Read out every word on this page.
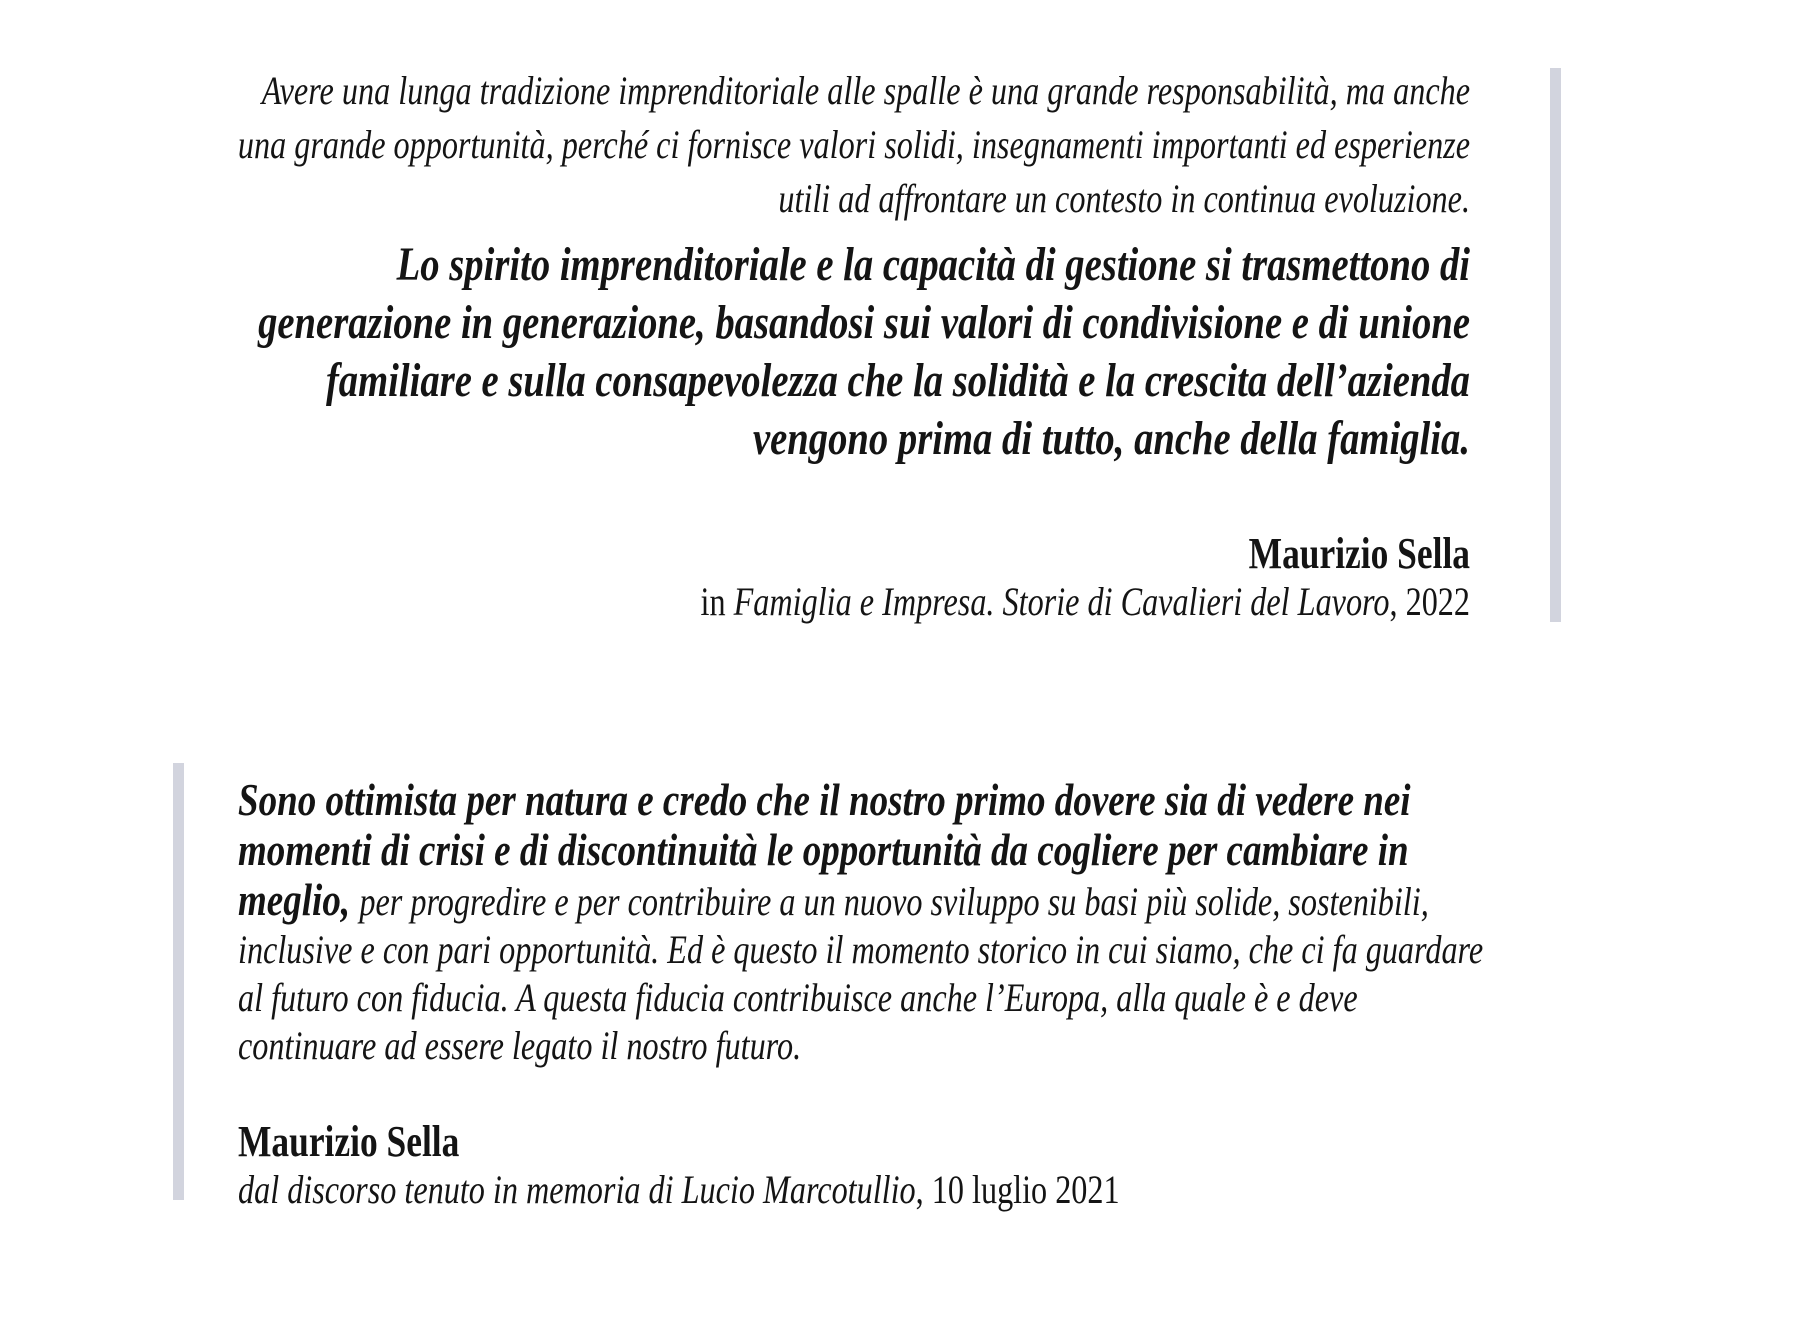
Avere una lunga tradizione imprenditoriale alle spalle è una grande responsabilità, ma anche una grande opportunità, perché ci fornisce valori solidi, insegnamenti importanti ed esperienze utili ad affrontare un contesto in continua evoluzione.

Lo spirito imprenditoriale e la capacità di gestione si trasmettono di generazione in generazione, basandosi sui valori di condivisione e di unione familiare e sulla consapevolezza che la solidità e la crescita dell’azienda vengono prima di tutto, anche della famiglia.

Maurizio Sella

in Famiglia e Impresa. Storie di Cavalieri del Lavoro, 2022

Sono ottimista per natura e credo che il nostro primo dovere sia di vedere nei momenti di crisi e di discontinuità le opportunità da cogliere per cambiare in meglio, per progredire e per contribuire a un nuovo sviluppo su basi più solide, sostenibili, inclusive e con pari opportunità. Ed è questo il momento storico in cui siamo, che ci fa guardare al futuro con fiducia. A questa fiducia contribuisce anche l’Europa, alla quale è e deve continuare ad essere legato il nostro futuro.

Maurizio Sella

dal discorso tenuto in memoria di Lucio Marcotullio, 10 luglio 2021
